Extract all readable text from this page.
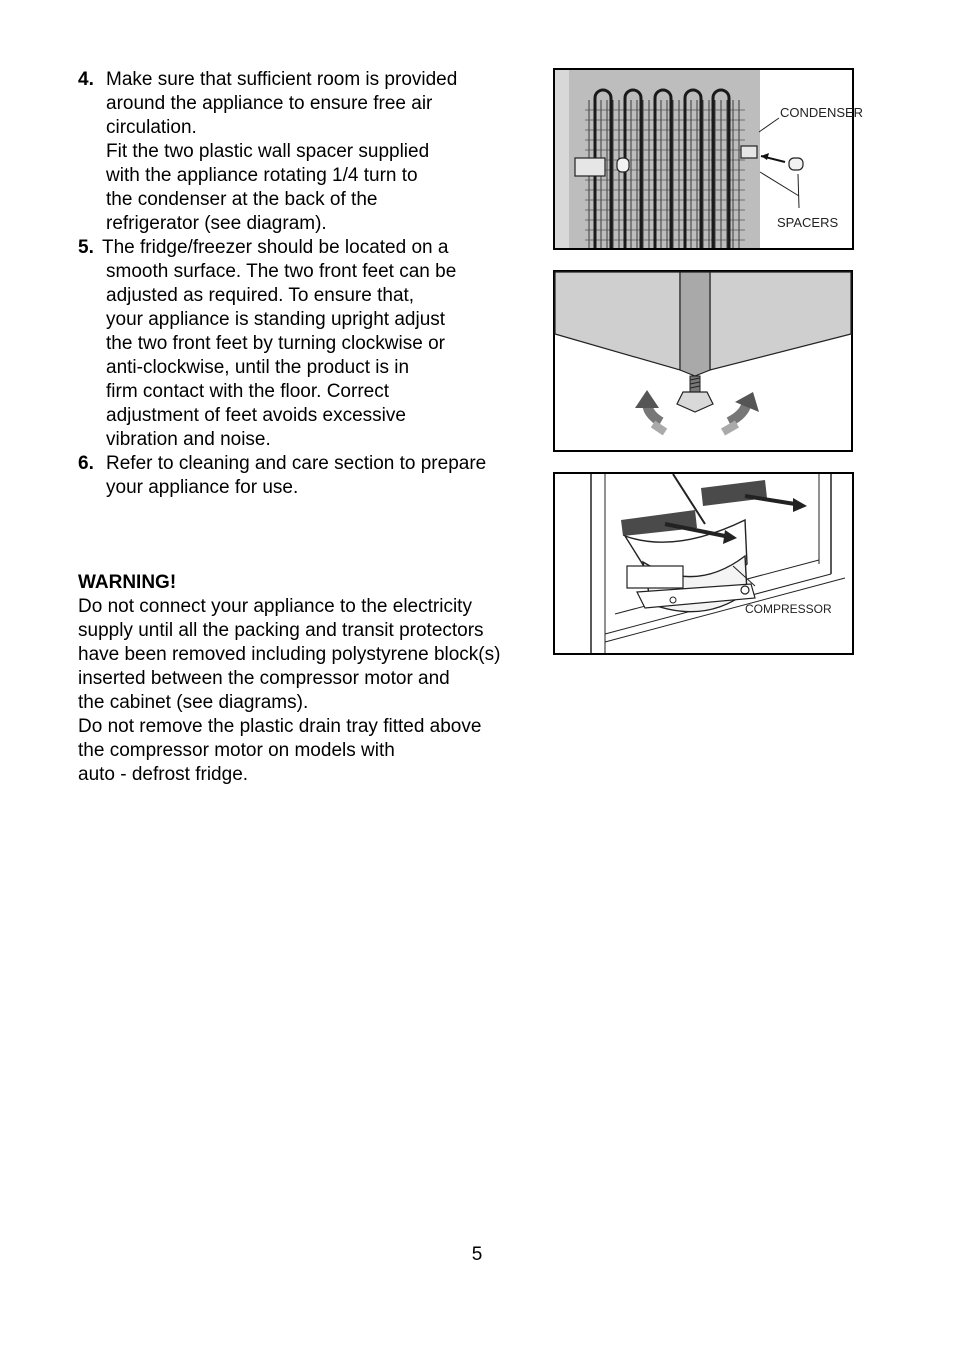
4. Make sure that sufficient room is provided
around the appliance to ensure free air
circulation.
Fit the two plastic wall spacer supplied
with the appliance rotating 1/4 turn to
the condenser at the back of the
refrigerator (see diagram).
5. The fridge/freezer should be located on a
smooth surface. The two front feet can be
adjusted as required. To ensure that,
your appliance is standing upright adjust
the two front feet by turning clockwise or
anti-clockwise, until the product is in
firm contact with the floor. Correct
adjustment of feet avoids excessive
vibration and noise.
6. Refer to cleaning and care section to prepare
your appliance for use.
WARNING!
Do not connect your appliance to the electricity
supply until all the packing and transit protectors
have been removed including polystyrene block(s)
inserted between the compressor motor and
the cabinet (see diagrams).
Do not remove the plastic drain tray fitted above
the compressor motor on models with
auto - defrost fridge.
CONDENSER
SPACERS
COMPRESSOR
5
